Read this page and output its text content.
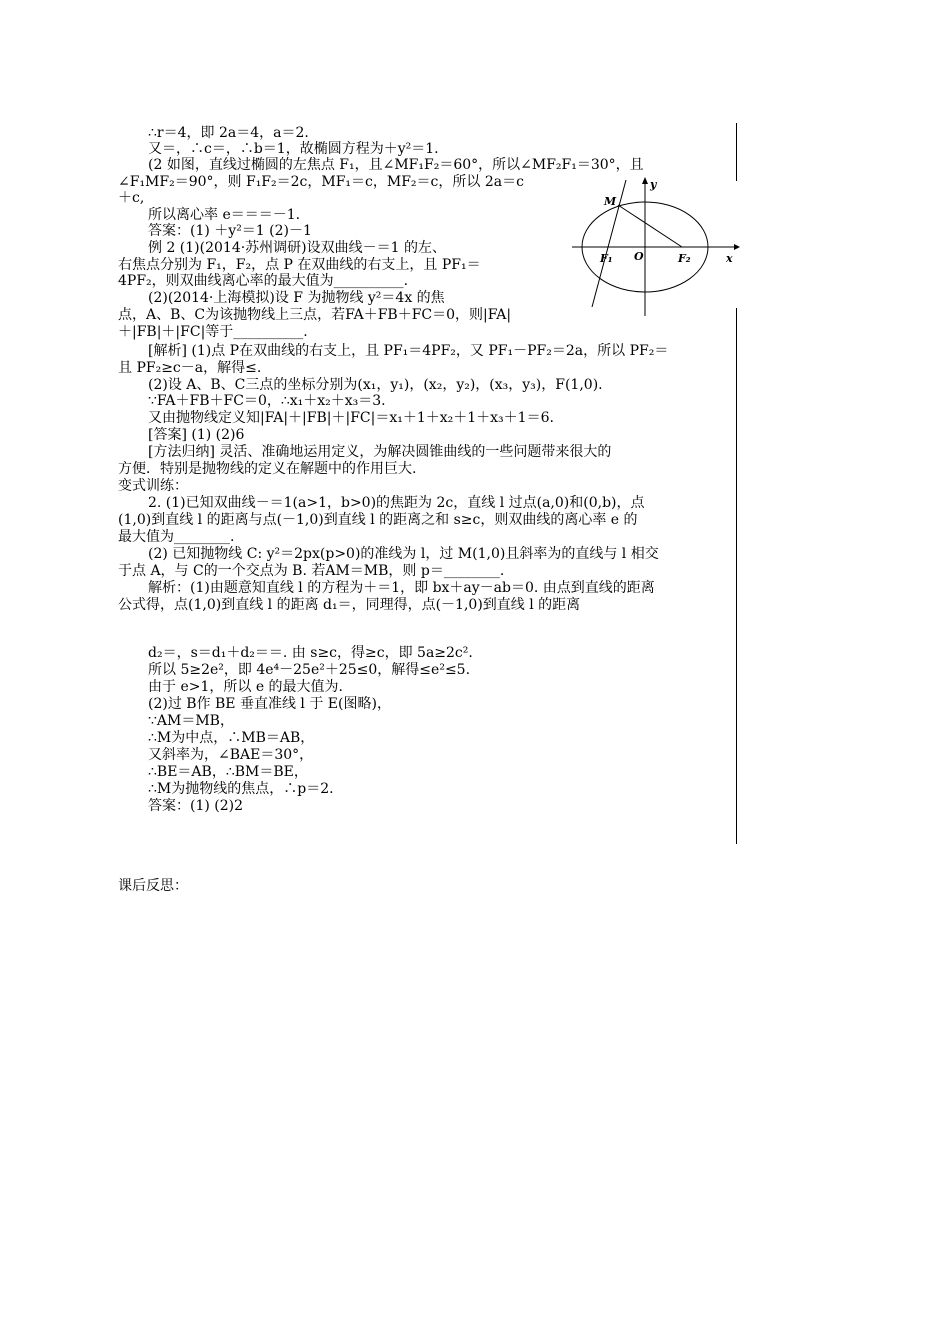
∴r＝4，即 2a＝4，a＝2.
又＝，∴c＝，∴b＝1，故椭圆方程为＋y²＝1.
(2 如图，直线过椭圆的左焦点 F₁，且∠MF₁F₂＝60°，所以∠MF₂F₁＝30°，且
∠F₁MF₂＝90°，则 F₁F₂＝2c，MF₁＝c，MF₂＝c，所以 2a＝c
＋c,
所以离心率 e＝＝＝－1.
答案：(1) ＋y²＝1 (2)－1
例 2 (1)(2014·苏州调研)设双曲线－＝1 的左、
右焦点分别为 F₁，F₂，点 P 在双曲线的右支上，且 PF₁＝
4PF₂，则双曲线离心率的最大值为__________.
(2)(2014·上海模拟)设 F 为抛物线 y²＝4x 的焦
点，A、B、C为该抛物线上三点，若FA＋FB＋FC＝0，则|FA|
＋|FB|＋|FC|等于__________.
[解析] (1)点 P在双曲线的右支上，且 PF₁＝4PF₂，又 PF₁－PF₂＝2a，所以 PF₂＝
且 PF₂≥c－a，解得≤.
(2)设 A、B、C三点的坐标分别为(x₁，y₁)，(x₂，y₂)，(x₃，y₃)，F(1,0).
∵FA＋FB＋FC＝0，∴x₁＋x₂＋x₃＝3.
又由抛物线定义知|FA|＋|FB|＋|FC|＝x₁＋1＋x₂＋1＋x₃＋1＝6.
[答案] (1) (2)6
[方法归纳] 灵活、准确地运用定义，为解决圆锥曲线的一些问题带来很大的
方便．特别是抛物线的定义在解题中的作用巨大.
变式训练：
2. (1)已知双曲线－＝1(a>1，b>0)的焦距为 2c，直线 l 过点(a,0)和(0,b)，点
(1,0)到直线 l 的距离与点(－1,0)到直线 l 的距离之和 s≥c，则双曲线的离心率 e 的
最大值为________.
(2) 已知抛物线 C: y²＝2px(p>0)的准线为 l，过 M(1,0)且斜率为的直线与 l 相交
于点 A，与 C的一个交点为 B. 若AM＝MB，则 p＝________.
解析：(1)由题意知直线 l 的方程为＋＝1，即 bx＋ay－ab＝0. 由点到直线的距离
公式得，点(1,0)到直线 l 的距离 d₁＝，同理得，点(－1,0)到直线 l 的距离
d₂＝，s＝d₁＋d₂＝＝. 由 s≥c，得≥c，即 5a≥2c².
所以 5≥2e²，即 4e⁴－25e²＋25≤0，解得≤e²≤5.
由于 e>1，所以 e 的最大值为.
(2)过 B作 BE 垂直准线 l 于 E(图略)，
∵AM＝MB，
∴M为中点，∴MB＝AB，
又斜率为，∠BAE＝30°，
∴BE＝AB，∴BM＝BE，
∴M为抛物线的焦点，∴p＝2.
答案：(1) (2)2
课后反思：
M
F₁ O	F₂	x
y
